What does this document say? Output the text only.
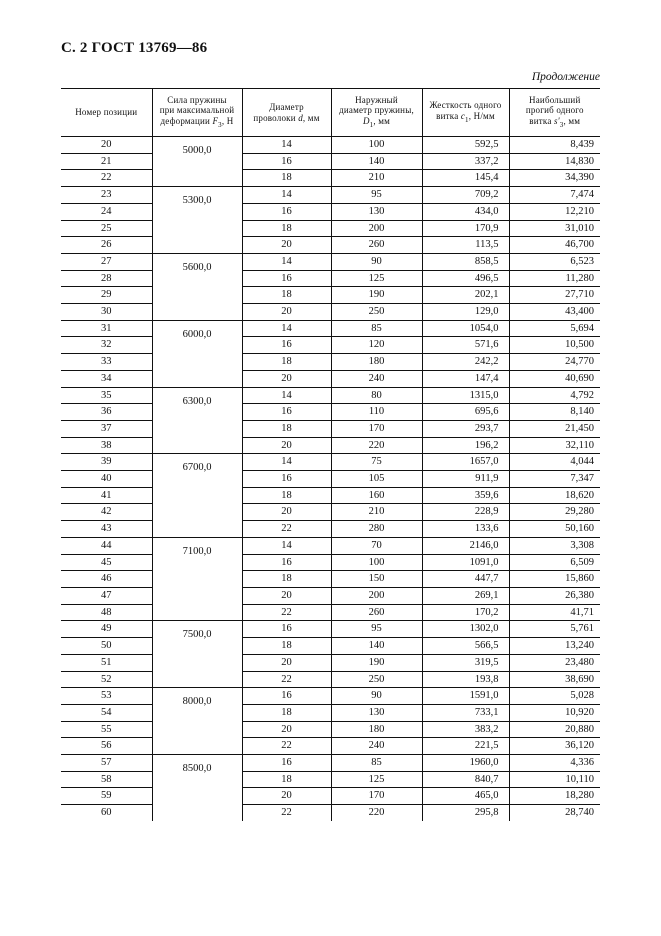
С. 2 ГОСТ 13769—86
Продолжение
Номер позиции	Сила пружины
при максимальной
деформации $F_3$, Н	Диаметр
проволоки d, мм	Наружный
диаметр пружины,
$D_1$, мм	Жесткость одного
витка $c_1$, Н/мм	Наибольший
прогиб одного
витка $s'_3$, мм
20	5000,0	14	100	592,5	8,439
21		16	140	337,2	14,830
22		18	210	145,4	34,390
23	5300,0	14	95	709,2	7,474
24		16	130	434,0	12,210
25		18	200	170,9	31,010
26		20	260	113,5	46,700
27	5600,0	14	90	858,5	6,523
28		16	125	496,5	11,280
29		18	190	202,1	27,710
30		20	250	129,0	43,400
31	6000,0	14	85	1054,0	5,694
32		16	120	571,6	10,500
33		18	180	242,2	24,770
34		20	240	147,4	40,690
35	6300,0	14	80	1315,0	4,792
36		16	110	695,6	8,140
37		18	170	293,7	21,450
38		20	220	196,2	32,110
39	6700,0	14	75	1657,0	4,044
40		16	105	911,9	7,347
41		18	160	359,6	18,620
42		20	210	228,9	29,280
43		22	280	133,6	50,160
44	7100,0	14	70	2146,0	3,308
45		16	100	1091,0	6,509
46		18	150	447,7	15,860
47		20	200	269,1	26,380
48		22	260	170,2	41,71
49	7500,0	16	95	1302,0	5,761
50		18	140	566,5	13,240
51		20	190	319,5	23,480
52		22	250	193,8	38,690
53	8000,0	16	90	1591,0	5,028
54		18	130	733,1	10,920
55		20	180	383,2	20,880
56		22	240	221,5	36,120
57	8500,0	16	85	1960,0	4,336
58		18	125	840,7	10,110
59		20	170	465,0	18,280
60		22	220	295,8	28,740
